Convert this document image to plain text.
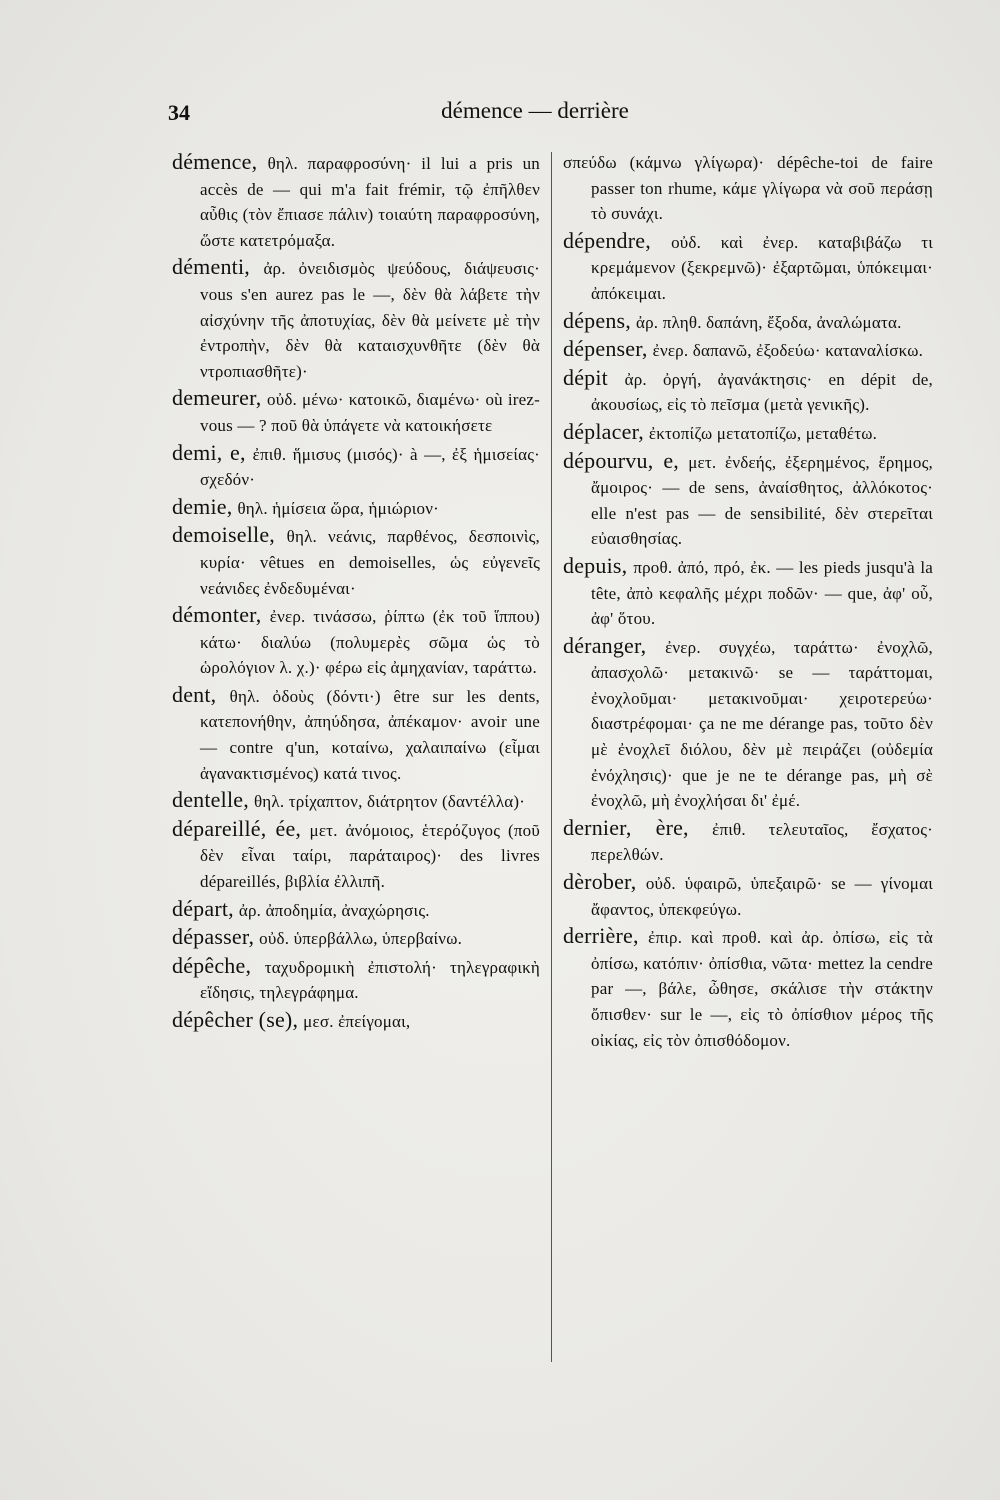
34	démence — derrière

démence, θηλ. παραφροσύνη· il lui a pris un accès de — qui m'a fait frémir, τῷ ἐπῆλθεν αὖθις (τὸν ἔπιασε πάλιν) τοιαύτη παραφροσύνη, ὥστε κατετρόμαξα.

démenti, ἀρ. ὀνειδισμὸς ψεύδους, διάψευσις· vous s'en aurez pas le —, δὲν θὰ λάβετε τὴν αἰσχύνην τῆς ἀποτυχίας, δὲν θὰ μείνετε μὲ τὴν ἐντροπὴν, δὲν θὰ καταισχυνθῆτε (δὲν θὰ ντροπιασθῆτε)·

demeurer, οὐδ. μένω· κατοικῶ, διαμένω· où irez-vous — ? ποῦ θὰ ὑπάγετε νὰ κατοικήσετε

demi, e, ἐπιθ. ἥμισυς (μισός)· à —, ἐξ ἡμισείας· σχεδόν·

demie, θηλ. ἡμίσεια ὥρα, ἡμιώριον·

demoiselle, θηλ. νεάνις, παρθένος, δεσποινὶς, κυρία· vêtues en demoiselles, ὡς εὐγενεῖς νεάνιδες ἐνδεδυμέναι·

démonter, ἐνερ. τινάσσω, ῥίπτω (ἐκ τοῦ ἵππου) κάτω· διαλύω (πολυμερὲς σῶμα ὡς τὸ ὡρολόγιον λ. χ.)· φέρω εἰς ἀμηχανίαν, ταράττω.

dent, θηλ. ὀδοὺς (δόντι·) être sur les dents, κατεπονήθην, ἀπηύδησα, ἀπέκαμον· avoir une — contre q'un, κοταίνω, χαλαιπαίνω (εἶμαι ἀγανακτισμένος) κατά τινος.

dentelle, θηλ. τρίχαπτον, διάτρητον (δαντέλλα)·

dépareillé, ée, μετ. ἀνόμοιος, ἑτερόζυγος (ποῦ δὲν εἶναι ταίρι, παράταιρος)· des livres dépareillés, βιβλία ἐλλιπῆ.

départ, ἀρ. ἀποδημία, ἀναχώρησις.

dépasser, οὐδ. ὑπερβάλλω, ὑπερβαίνω.

dépêche, ταχυδρομικὴ ἐπιστολή· τηλεγραφικὴ εἴδησις, τηλεγράφημα.

dépêcher (se), μεσ. ἐπείγομαι,

σπεύδω (κάμνω γλίγωρα)· dépêche-toi de faire passer ton rhume, κάμε γλίγωρα νὰ σοῦ περάσῃ τὸ συνάχι.

dépendre, οὐδ. καὶ ἐνερ. καταβιβάζω τι κρεμάμενον (ξεκρεμνῶ)· ἐξαρτῶμαι, ὑπόκειμαι· ἀπόκειμαι.

dépens, ἀρ. πληθ. δαπάνη, ἔξοδα, ἀναλώματα.

dépenser, ἐνερ. δαπανῶ, ἐξοδεύω· καταναλίσκω.

dépit ἀρ. ὀργή, ἀγανάκτησις· en dépit de, ἀκουσίως, εἰς τὸ πεῖσμα (μετὰ γενικῆς).

déplacer, ἐκτοπίζω μετατοπίζω, μεταθέτω.

dépourvu, e, μετ. ἐνδεής, ἐξερημένος, ἔρημος, ἄμοιρος· — de sens, ἀναίσθητος, ἀλλόκοτος· elle n'est pas — de sensibilité, δὲν στερεῖται εὐαισθησίας.

depuis, προθ. ἀπό, πρό, ἐκ. — les pieds jusqu'à la tête, ἀπὸ κεφαλῆς μέχρι ποδῶν· — que, ἀφ' οὗ, ἀφ' ὅτου.

déranger, ἐνερ. συγχέω, ταράττω· ἐνοχλῶ, ἀπασχολῶ· μετακινῶ· se — ταράττομαι, ἐνοχλοῦμαι· μετακινοῦμαι· χειροτερεύω· διαστρέφομαι· ça ne me dérange pas, τοῦτο δὲν μὲ ἐνοχλεῖ διόλου, δὲν μὲ πειράζει (οὐδεμία ἐνόχλησις)· que je ne te dérange pas, μὴ σὲ ἐνοχλῶ, μὴ ἐνοχλήσαι δι' ἐμέ.

dernier, ère, ἐπιθ. τελευταῖος, ἔσχατος· περελθών.

dèrober, οὐδ. ὑφαιρῶ, ὑπεξαιρῶ· se — γίνομαι ἄφαντος, ὑπεκφεύγω.

derrière, ἐπιρ. καὶ προθ. καὶ ἀρ. ὀπίσω, εἰς τὰ ὀπίσω, κατόπιν· ὀπίσθια, νῶτα· mettez la cendre par —, βάλε, ὦθησε, σκάλισε τὴν στάκτην ὄπισθεν· sur le —, εἰς τὸ ὀπίσθιον μέρος τῆς οἰκίας, εἰς τὸν ὀπισθόδομον.
